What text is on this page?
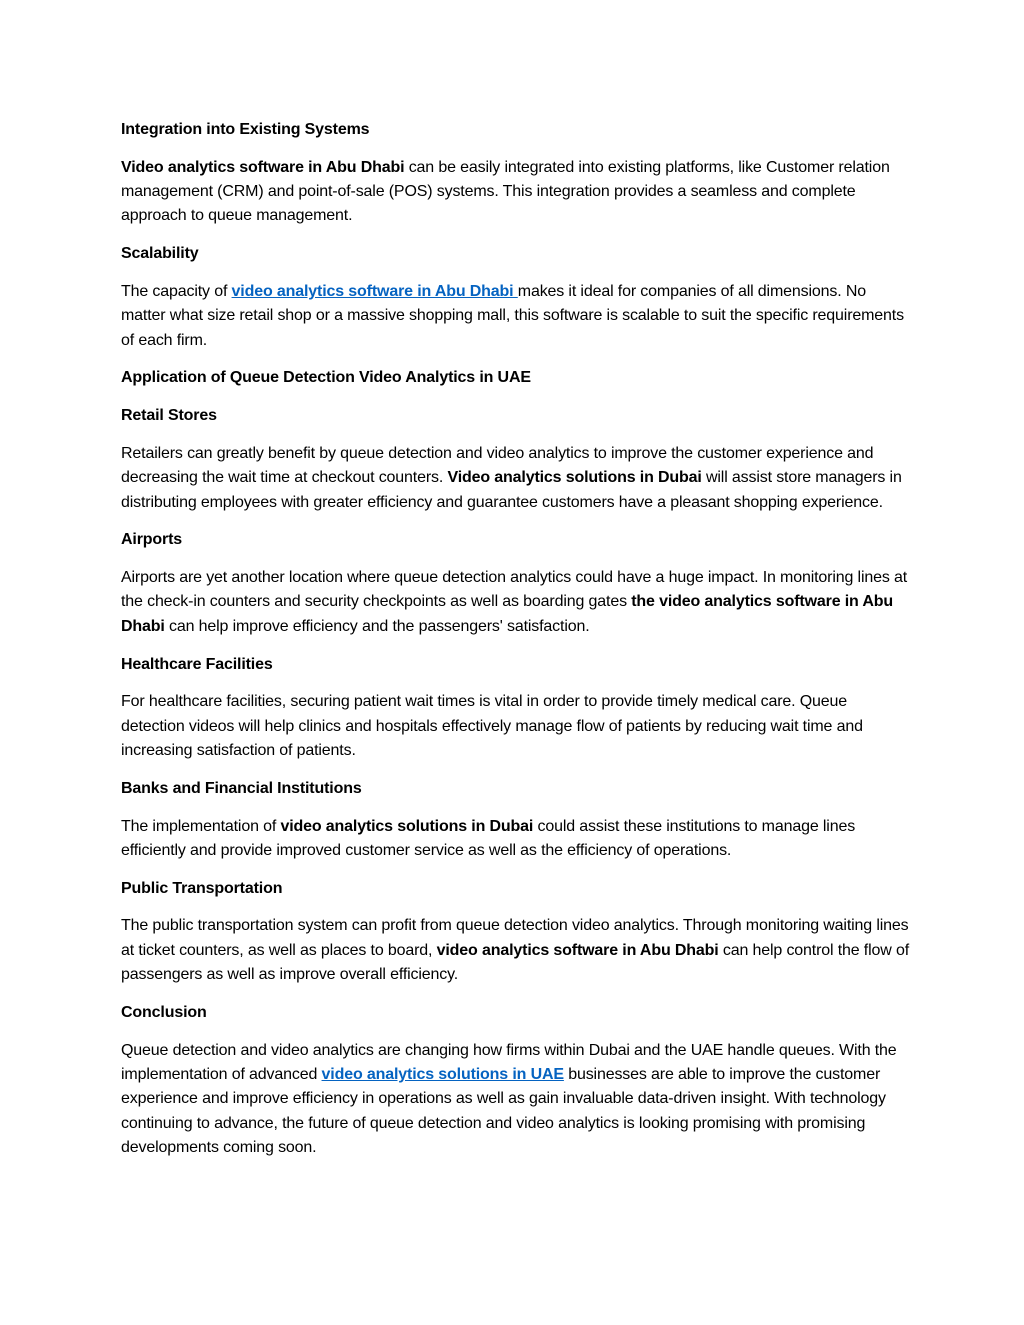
Integration into Existing Systems
Video analytics software in Abu Dhabi can be easily integrated into existing platforms, like Customer relation management (CRM) and point-of-sale (POS) systems. This integration provides a seamless and complete approach to queue management.
Scalability
The capacity of video analytics software in Abu Dhabi makes it ideal for companies of all dimensions. No matter what size retail shop or a massive shopping mall, this software is scalable to suit the specific requirements of each firm.
Application of Queue Detection Video Analytics in UAE
Retail Stores
Retailers can greatly benefit by queue detection and video analytics to improve the customer experience and decreasing the wait time at checkout counters. Video analytics solutions in Dubai will assist store managers in distributing employees with greater efficiency and guarantee customers have a pleasant shopping experience.
Airports
Airports are yet another location where queue detection analytics could have a huge impact. In monitoring lines at the check-in counters and security checkpoints as well as boarding gates the video analytics software in Abu Dhabi can help improve efficiency and the passengers' satisfaction.
Healthcare Facilities
For healthcare facilities, securing patient wait times is vital in order to provide timely medical care. Queue detection videos will help clinics and hospitals effectively manage flow of patients by reducing wait time and increasing satisfaction of patients.
Banks and Financial Institutions
The implementation of video analytics solutions in Dubai could assist these institutions to manage lines efficiently and provide improved customer service as well as the efficiency of operations.
Public Transportation
The public transportation system can profit from queue detection video analytics. Through monitoring waiting lines at ticket counters, as well as places to board, video analytics software in Abu Dhabi can help control the flow of passengers as well as improve overall efficiency.
Conclusion
Queue detection and video analytics are changing how firms within Dubai and the UAE handle queues. With the implementation of advanced video analytics solutions in UAE businesses are able to improve the customer experience and improve efficiency in operations as well as gain invaluable data-driven insight. With technology continuing to advance, the future of queue detection and video analytics is looking promising with promising developments coming soon.
